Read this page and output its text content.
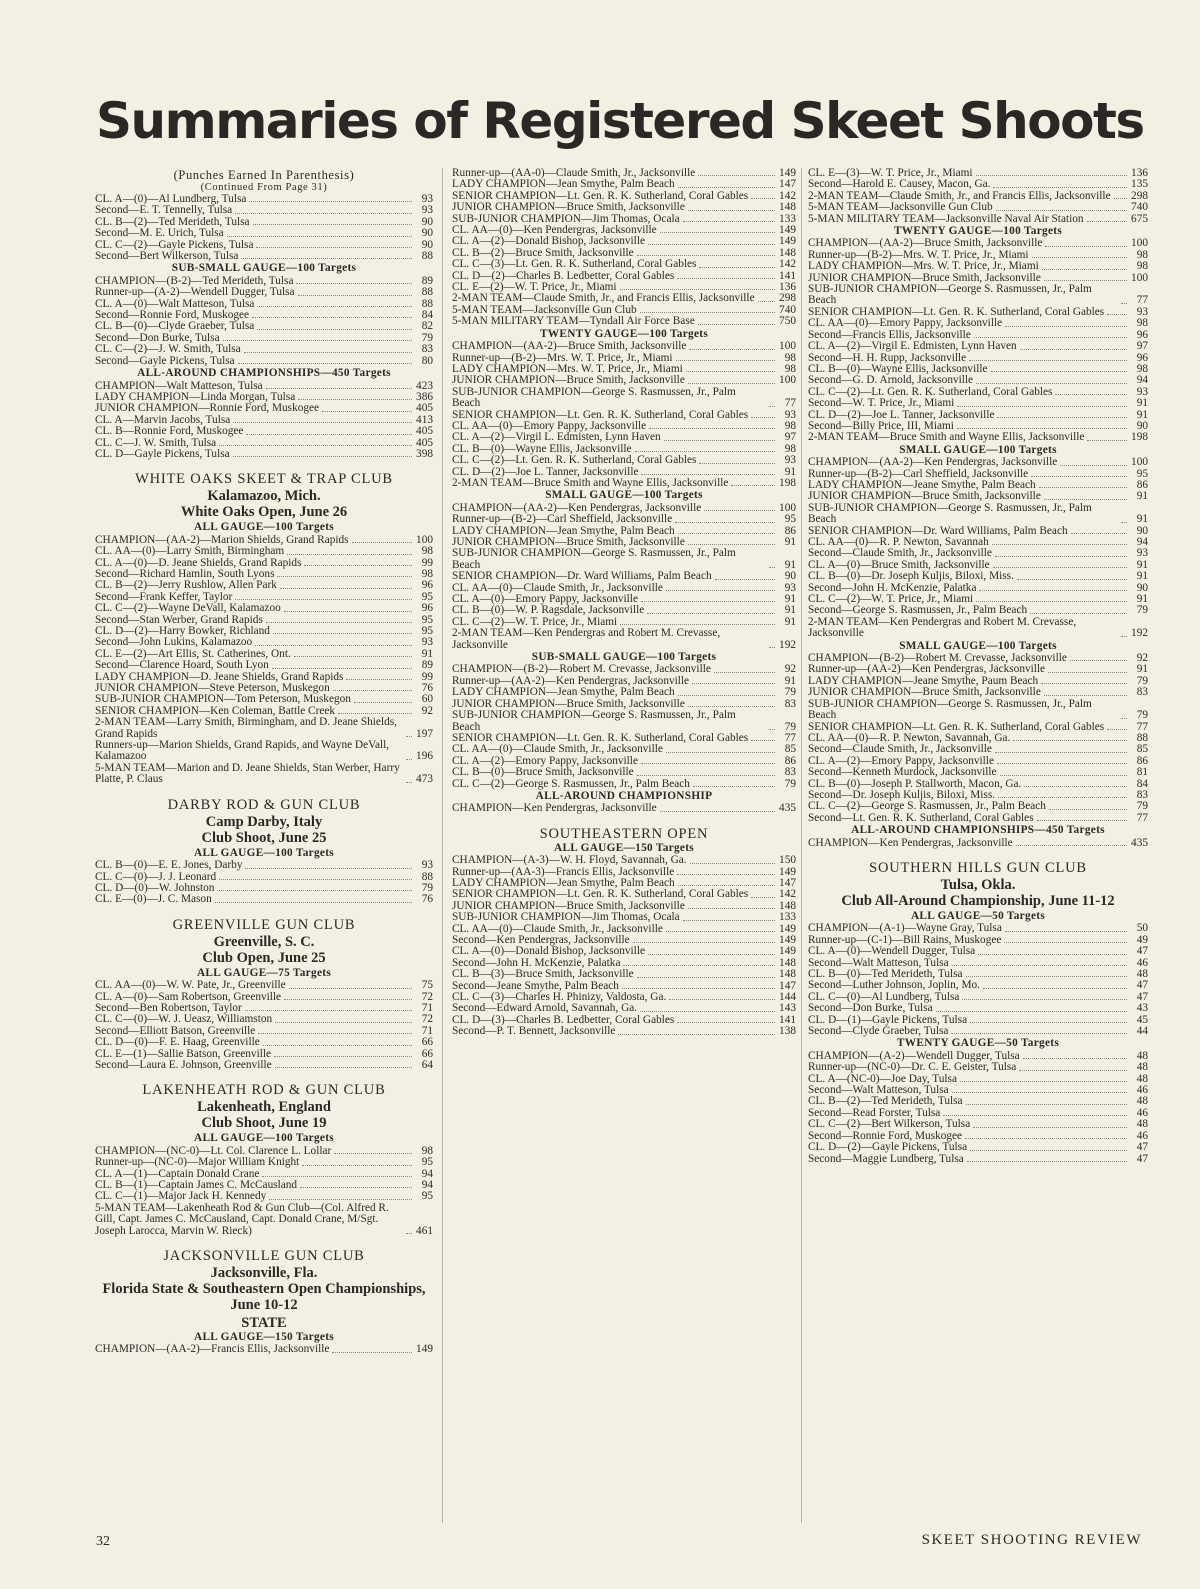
Summaries of Registered Skeet Shoots
(Punches Earned In Parenthesis)
(Continued From Page 31)
CL. A—(0)—Al Lundberg, Tulsa	93
Second—E. T. Tennelly, Tulsa	93
CL. B—(2)—Ted Merideth, Tulsa	90
Second—M. E. Urich, Tulsa	90
CL. C—(2)—Gayle Pickens, Tulsa	90
Second—Bert Wilkerson, Tulsa	88
SUB-SMALL GAUGE—100 Targets
CHAMPION—(B-2)—Ted Merideth, Tulsa	89
Runner-up—(A-2)—Wendell Dugger, Tulsa	88
CL. A—(0)—Walt Matteson, Tulsa	88
Second—Ronnie Ford, Muskogee	84
CL. B—(0)—Clyde Graeber, Tulsa	82
Second—Don Burke, Tulsa	79
CL. C—(2)—J. W. Smith, Tulsa	83
Second—Gayle Pickens, Tulsa	80
ALL-AROUND CHAMPIONSHIPS—450 Targets
CHAMPION—Walt Matteson, Tulsa	423
LADY CHAMPION—Linda Morgan, Tulsa	386
JUNIOR CHAMPION—Ronnie Ford, Muskogee	405
CL. A—Marvin Jacobs, Tulsa	413
CL. B—Ronnie Ford, Muskogee	405
CL. C—J. W. Smith, Tulsa	405
CL. D—Gayle Pickens, Tulsa	398
WHITE OAKS SKEET & TRAP CLUB
Kalamazoo, Mich.
White Oaks Open, June 26
ALL GAUGE—100 Targets
CHAMPION—(AA-2)—Marion Shields, Grand Rapids	100
CL. AA—(0)—Larry Smith, Birmingham	98
CL. A—(0)—D. Jeane Shields, Grand Rapids	99
Second—Richard Hamlin, South Lyons	98
CL. B—(2)—Jerry Rushlow, Allen Park	96
Second—Frank Keffer, Taylor	95
CL. C—(2)—Wayne DeVall, Kalamazoo	96
Second—Stan Werber, Grand Rapids	95
CL. D—(2)—Harry Bowker, Richland	95
Second—John Lukins, Kalamazoo	93
CL. E—(2)—Art Ellis, St. Catherines, Ont.	91
Second—Clarence Hoard, South Lyon	89
LADY CHAMPION—D. Jeane Shields, Grand Rapids	99
JUNIOR CHAMPION—Steve Peterson, Muskegon	76
SUB-JUNIOR CHAMPION—Tom Peterson, Muskegon	60
SENIOR CHAMPION—Ken Coleman, Battle Creek	92
2-MAN TEAM—Larry Smith, Birmingham, and D. Jeane Shields, Grand Rapids	197
Runners-up—Marion Shields, Grand Rapids, and Wayne DeVall, Kalamazoo	196
5-MAN TEAM—Marion and D. Jeane Shields, Stan Werber, Harry Platte, P. Claus	473
DARBY ROD & GUN CLUB
Camp Darby, Italy
Club Shoot, June 25
ALL GAUGE—100 Targets
CL. B—(0)—E. E. Jones, Darby	93
CL. C—(0)—J. J. Leonard	88
CL. D—(0)—W. Johnston	79
CL. E—(0)—J. C. Mason	76
GREENVILLE GUN CLUB
Greenville, S. C.
Club Open, June 25
ALL GAUGE—75 Targets
CL. AA—(0)—W. W. Pate, Jr., Greenville	75
CL. A—(0)—Sam Robertson, Greenville	72
Second—Ben Robertson, Taylor	71
CL. C—(0)—W. J. Ueasz, Williamston	72
Second—Elliott Batson, Greenville	71
CL. D—(0)—F. E. Haag, Greenville	66
CL. E—(1)—Sallie Batson, Greenville	66
Second—Laura E. Johnson, Greenville	64
LAKENHEATH ROD & GUN CLUB
Lakenheath, England
Club Shoot, June 19
ALL GAUGE—100 Targets
CHAMPION—(NC-0)—Lt. Col. Clarence L. Lollar	98
Runner-up—(NC-0)—Major William Knight	95
CL. A—(1)—Captain Donald Crane	94
CL. B—(1)—Captain James C. McCausland	94
CL. C—(1)—Major Jack H. Kennedy	95
5-MAN TEAM—Lakenheath Rod & Gun Club—(Col. Alfred R. Gill, Capt. James C. McCausland, Capt. Donald Crane, M/Sgt. Joseph Larocca, Marvin W. Rieck)	461
JACKSONVILLE GUN CLUB
Jacksonville, Fla.
Florida State & Southeastern Open Championships, June 10-12
STATE
ALL GAUGE—150 Targets
CHAMPION—(AA-2)—Francis Ellis, Jacksonville	149
Runner-up—(AA-0)—Claude Smith, Jr., Jacksonville	149
LADY CHAMPION—Jean Smythe, Palm Beach	147
SENIOR CHAMPION—Lt. Gen. R. K. Sutherland, Coral Gables	142
JUNIOR CHAMPION—Bruce Smith, Jacksonville	148
SUB-JUNIOR CHAMPION—Jim Thomas, Ocala	133
CL. AA—(0)—Ken Pendergras, Jacksonville	149
CL. A—(2)—Donald Bishop, Jacksonville	149
CL. B—(2)—Bruce Smith, Jacksonville	148
CL. C—(3)—Lt. Gen. R. K. Sutherland, Coral Gables	142
CL. D—(2)—Charles B. Ledbetter, Coral Gables	141
CL. E—(2)—W. T. Price, Jr., Miami	136
2-MAN TEAM—Claude Smith, Jr., and Francis Ellis, Jacksonville 298
5-MAN TEAM—Jacksonville Gun Club	740
5-MAN MILITARY TEAM—Tyndall Air Force Base	750
TWENTY GAUGE—100 Targets
CHAMPION—(AA-2)—Bruce Smith, Jacksonville	100
Runner-up—(B-2)—Mrs. W. T. Price, Jr., Miami	98
LADY CHAMPION—Mrs. W. T. Price, Jr., Miami	98
JUNIOR CHAMPION—Bruce Smith, Jacksonville	100
SUB-JUNIOR CHAMPION—George S. Rasmussen, Jr., Palm Beach	77
SENIOR CHAMPION—Lt. Gen. R. K. Sutherland, Coral Gables	93
CL. AA—(0)—Emory Pappy, Jacksonville	98
CL. A—(2)—Virgil L. Edmisten, Lynn Haven	97
CL. B—(0)—Wayne Ellis, Jacksonville	98
CL. C—(2)—Lt. Gen. R. K. Sutherland, Coral Gables	93
CL. D—(2)—Joe L. Tanner, Jacksonville	91
2-MAN TEAM—Bruce Smith and Wayne Ellis, Jacksonville	198
SMALL GAUGE—100 Targets
CHAMPION—(AA-2)—Ken Pendergras, Jacksonville	100
Runner-up—(B-2)—Carl Sheffield, Jacksonville	95
LADY CHAMPION—Jean Smythe, Palm Beach	86
JUNIOR CHAMPION—Bruce Smith, Jacksonville	91
SUB-JUNIOR CHAMPION—George S. Rasmussen, Jr., Palm Beach	91
SENIOR CHAMPION—Dr. Ward Williams, Palm Beach	90
CL. AA—(0)—Claude Smith, Jr., Jacksonville	93
CL. A—(0)—Emory Pappy, Jacksonville	91
CL. B—(0)—W. P. Ragsdale, Jacksonville	91
CL. C—(2)—W. T. Price, Jr., Miami	91
2-MAN TEAM—Ken Pendergras and Robert M. Crevasse, Jacksonville	192
SUB-SMALL GAUGE—100 Targets
CHAMPION—(B-2)—Robert M. Crevasse, Jacksonville	92
Runner-up—(AA-2)—Ken Pendergras, Jacksonville	91
LADY CHAMPION—Jean Smythe, Palm Beach	79
JUNIOR CHAMPION—Bruce Smith, Jacksonville	83
SUB-JUNIOR CHAMPION—George S. Rasmussen, Jr., Palm Beach	79
SENIOR CHAMPION—Lt. Gen. R. K. Sutherland, Coral Gables	77
CL. AA—(0)—Claude Smith, Jr., Jacksonville	85
CL. A—(2)—Emory Pappy, Jacksonville	86
CL. B—(0)—Bruce Smith, Jacksonville	83
CL. C—(2)—George S. Rasmussen, Jr., Palm Beach	79
ALL-AROUND CHAMPIONSHIP
CHAMPION—Ken Pendergras, Jacksonville	435
SOUTHEASTERN OPEN
ALL GAUGE—150 Targets
CHAMPION—(A-3)—W. H. Floyd, Savannah, Ga.	150
Runner-up—(AA-3)—Francis Ellis, Jacksonville	149
LADY CHAMPION—Jean Smythe, Palm Beach	147
SENIOR CHAMPION—Lt. Gen. R. K. Sutherland, Coral Gables	142
JUNIOR CHAMPION—Bruce Smith, Jacksonville	148
SUB-JUNIOR CHAMPION—Jim Thomas, Ocala	133
CL. AA—(0)—Claude Smith, Jr., Jacksonville	149
Second—Ken Pendergras, Jacksonville	149
CL. A—(0)—Donald Bishop, Jacksonville	149
Second—John H. McKenzie, Palatka	148
CL. B—(3)—Bruce Smith, Jacksonville	148
Second—Jeane Smythe, Palm Beach	147
CL. C—(3)—Charles H. Phinizy, Valdosta, Ga.	144
Second—Edward Arnold, Savannah, Ga.	143
CL. D—(3)—Charles B. Ledbetter, Coral Gables	141
Second—P. T. Bennett, Jacksonville	138
CL. E—(3)—W. T. Price, Jr., Miami	136
Second—Harold E. Causey, Macon, Ga.	135
2-MAN TEAM—Claude Smith, Jr., and Francis Ellis, Jacksonville 298
5-MAN TEAM—Jacksonville Gun Club	740
5-MAN MILITARY TEAM—Jacksonville Naval Air Station	675
TWENTY GAUGE—100 Targets
CHAMPION—(AA-2)—Bruce Smith, Jacksonville	100
Runner-up—(B-2)—Mrs. W. T. Price, Jr., Miami	98
LADY CHAMPION—Mrs. W. T. Price, Jr., Miami	98
JUNIOR CHAMPION—Bruce Smith, Jacksonville	100
SUB-JUNIOR CHAMPION—George S. Rasmussen, Jr., Palm Beach	77
SENIOR CHAMPION—Lt. Gen. R. K. Sutherland, Coral Gables	93
CL. AA—(0)—Emory Pappy, Jacksonville	98
Second—Francis Ellis, Jacksonville	96
CL. A—(2)—Virgil E. Edmisten, Lynn Haven	97
Second—H. H. Rupp, Jacksonville	96
CL. B—(0)—Wayne Ellis, Jacksonville	98
Second—G. D. Arnold, Jacksonville	94
CL. C—(2)—Lt. Gen. R. K. Sutherland, Coral Gables	93
Second—W. T. Price, Jr., Miami	91
CL. D—(2)—Joe L. Tanner, Jacksonville	91
Second—Billy Price, III, Miami	90
2-MAN TEAM—Bruce Smith and Wayne Ellis, Jacksonville	198
SMALL GAUGE—100 Targets
CHAMPION—(AA-2)—Ken Pendergras, Jacksonville	100
Runner-up—(B-2)—Carl Sheffield, Jacksonville	95
LADY CHAMPION—Jeane Smythe, Palm Beach	86
JUNIOR CHAMPION—Bruce Smith, Jacksonville	91
SUB-JUNIOR CHAMPION—George S. Rasmussen, Jr., Palm Beach	91
SENIOR CHAMPION—Dr. Ward Williams, Palm Beach	90
CL. AA—(0)—R. P. Newton, Savannah	94
Second—Claude Smith, Jr., Jacksonville	93
CL. A—(0)—Bruce Smith, Jacksonville	91
CL. B—(0)—Dr. Joseph Kuljis, Biloxi, Miss.	91
Second—John H. McKenzie, Palatka	90
CL. C—(2)—W. T. Price, Jr., Miami	91
Second—George S. Rasmussen, Jr., Palm Beach	79
2-MAN TEAM—Ken Pendergras and Robert M. Crevasse, Jacksonville	192
SMALL GAUGE—100 Targets
CHAMPION—(B-2)—Robert M. Crevasse, Jacksonville	92
Runner-up—(AA-2)—Ken Pendergras, Jacksonville	91
LADY CHAMPION—Jeane Smythe, Paum Beach	79
JUNIOR CHAMPION—Bruce Smith, Jacksonville	83
SUB-JUNIOR CHAMPION—George S. Rasmussen, Jr., Palm Beach	79
SENIOR CHAMPION—Lt. Gen. R. K. Sutherland, Coral Gables	77
CL. AA—(0)—R. P. Newton, Savannah, Ga.	88
Second—Claude Smith, Jr., Jacksonville	85
CL. A—(2)—Emory Pappy, Jacksonville	86
Second—Kenneth Murdock, Jacksonville	81
CL. B—(0)—Joseph P. Stallworth, Macon, Ga.	84
Second—Dr. Joseph Kuljis, Biloxi, Miss.	83
CL. C—(2)—George S. Rasmussen, Jr., Palm Beach	79
Second—Lt. Gen. R. K. Sutherland, Coral Gables	77
ALL-AROUND CHAMPIONSHIPS—450 Targets
CHAMPION—Ken Pendergras, Jacksonville	435
SOUTHERN HILLS GUN CLUB
Tulsa, Okla.
Club All-Around Championship, June 11-12
ALL GAUGE—50 Targets
CHAMPION—(A-1)—Wayne Gray, Tulsa	50
Runner-up—(C-1)—Bill Rains, Muskogee	49
CL. A—(0)—Wendell Dugger, Tulsa	47
Second—Walt Matteson, Tulsa	46
CL. B—(0)—Ted Merideth, Tulsa	48
Second—Luther Johnson, Joplin, Mo.	47
CL. C—(0)—Al Lundberg, Tulsa	47
Second—Don Burke, Tulsa	43
CL. D—(1)—Gayle Pickens, Tulsa	45
Second—Clyde Graeber, Tulsa	44
TWENTY GAUGE—50 Targets
CHAMPION—(A-2)—Wendell Dugger, Tulsa	48
Runner-up—(NC-0)—Dr. C. E. Geister, Tulsa	48
CL. A—(NC-0)—Joe Day, Tulsa	48
Second—Walt Matteson, Tulsa	46
CL. B—(2)—Ted Merideth, Tulsa	48
Second—Read Forster, Tulsa	46
CL. C—(2)—Bert Wilkerson, Tulsa	48
Second—Ronnie Ford, Muskogee	46
CL. D—(2)—Gayle Pickens, Tulsa	47
Second—Maggie Lundberg, Tulsa	47
32	SKEET SHOOTING REVIEW
